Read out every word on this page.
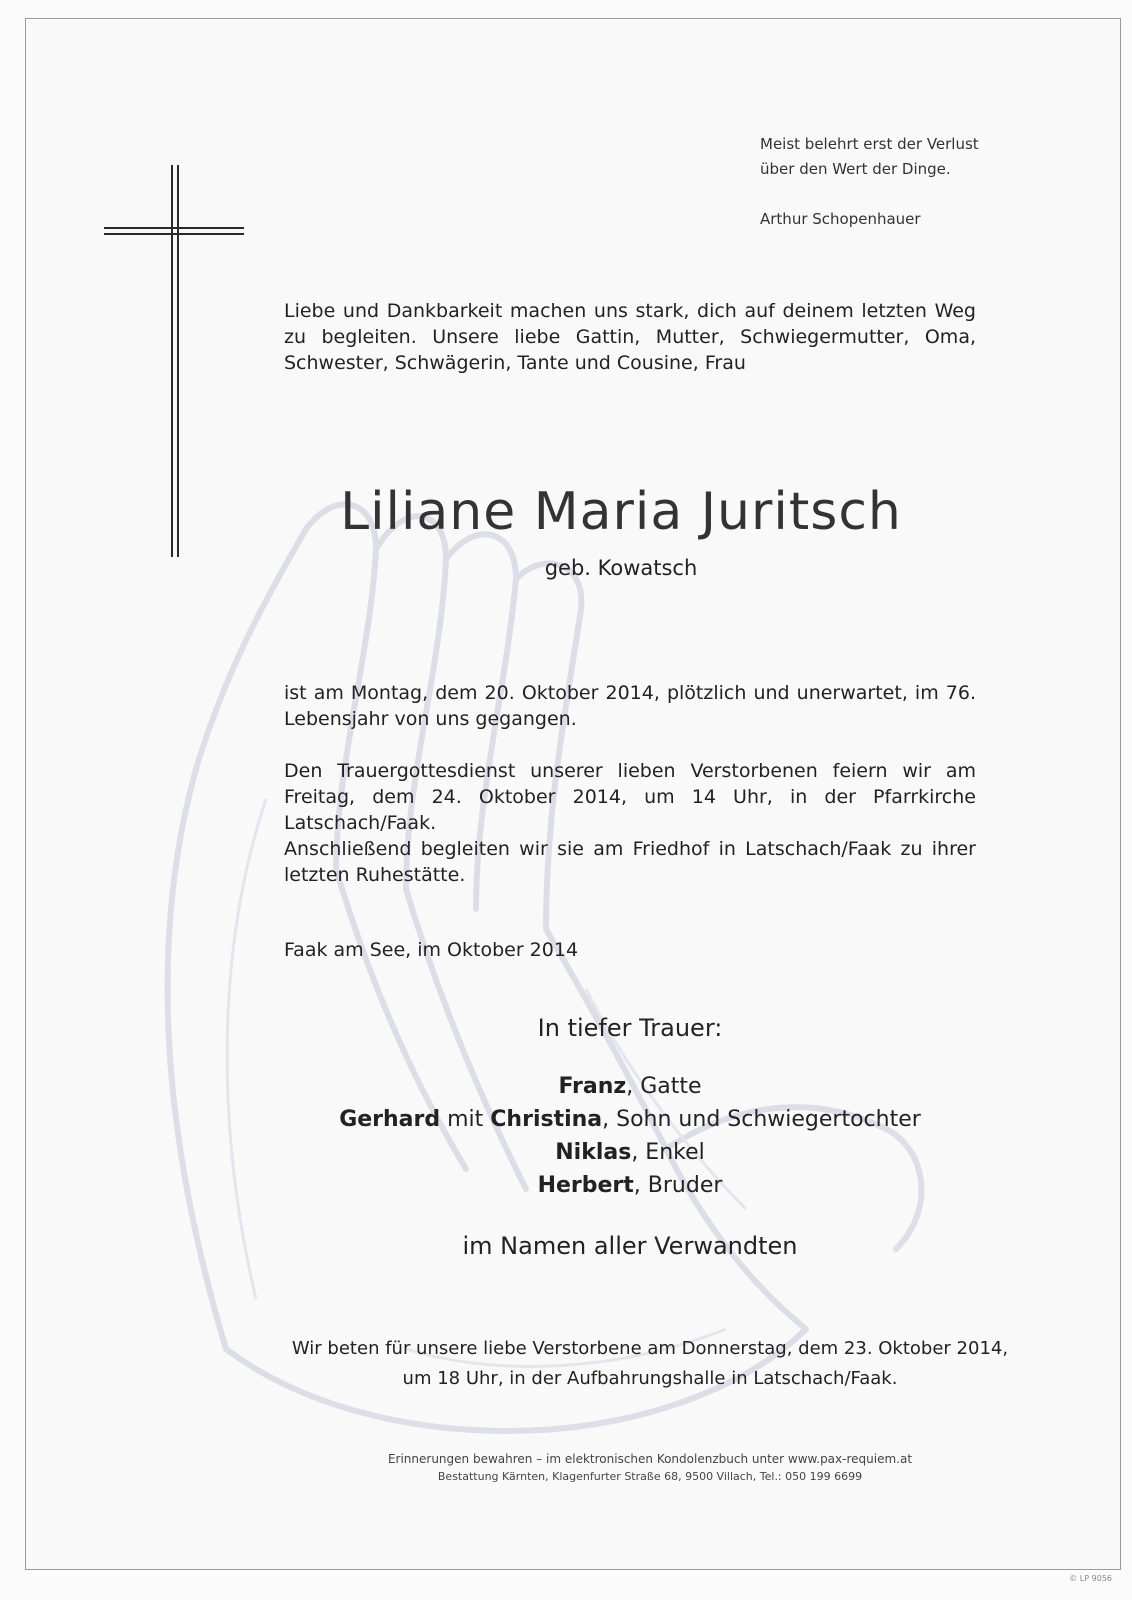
Meist belehrt erst der Verlust
über den Wert der Dinge.
Arthur Schopenhauer
Liebe und Dankbarkeit machen uns stark, dich auf deinem letzten Weg zu begleiten. Unsere liebe Gattin, Mutter, Schwiegermutter, Oma, Schwester, Schwägerin, Tante und Cousine, Frau
Liliane Maria Juritsch
geb. Kowatsch
ist am Montag, dem 20. Oktober 2014, plötzlich und unerwartet, im 76. Lebensjahr von uns gegangen.
Den Trauergottesdienst unserer lieben Verstorbenen feiern wir am Freitag, dem 24. Oktober 2014, um 14 Uhr, in der Pfarrkirche Latschach/Faak.
Anschließend begleiten wir sie am Friedhof in Latschach/Faak zu ihrer letzten Ruhestätte.
Faak am See, im Oktober 2014
In tiefer Trauer:
Franz, Gatte
Gerhard mit Christina, Sohn und Schwiegertochter
Niklas, Enkel
Herbert, Bruder
im Namen aller Verwandten
Wir beten für unsere liebe Verstorbene am Donnerstag, dem 23. Oktober 2014,
um 18 Uhr, in der Aufbahrungshalle in Latschach/Faak.
Erinnerungen bewahren – im elektronischen Kondolenzbuch unter www.pax-requiem.at
Bestattung Kärnten, Klagenfurter Straße 68, 9500 Villach, Tel.: 050 199 6699
© LP 9056
